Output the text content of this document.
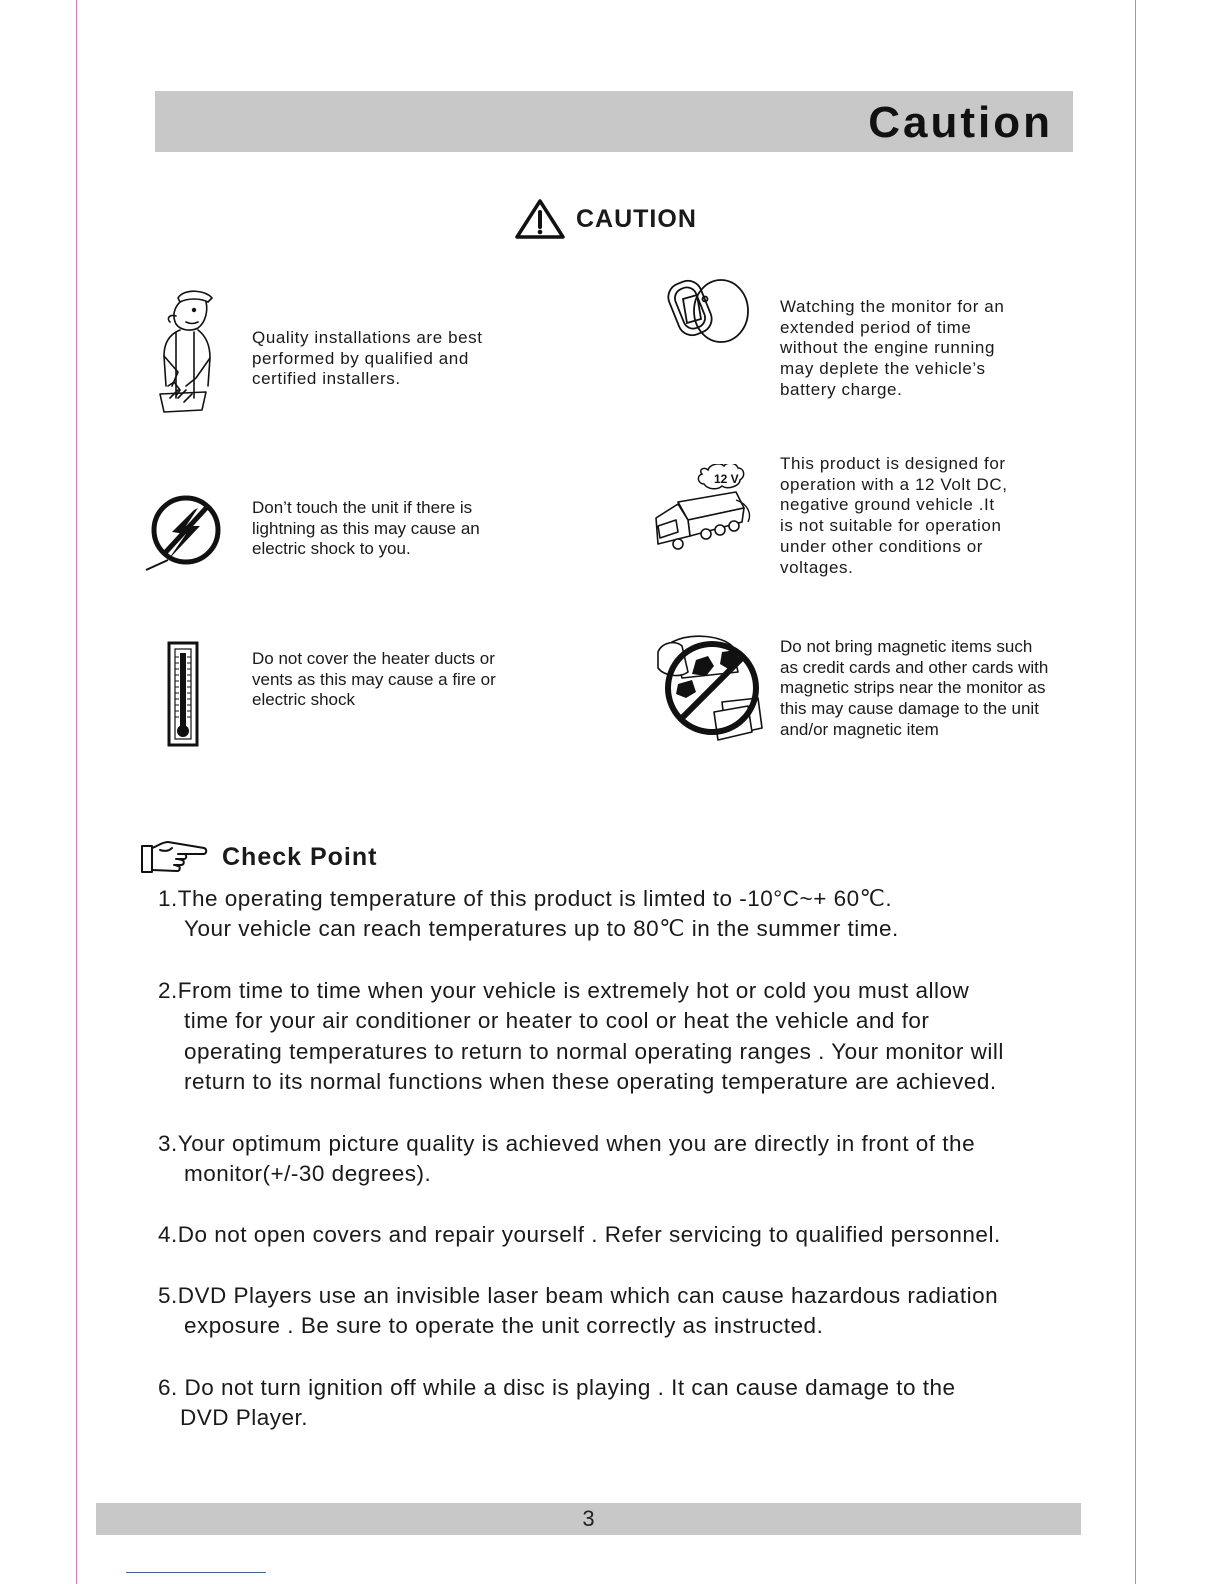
Caution
CAUTION
Quality installations are best
performed by qualified and
certified installers.
Watching the monitor for an
extended period of time
without the engine running
may deplete the vehicle’s
battery charge.
Don’t touch the unit if there is
lightning as this may cause an
electric shock to you.
12 V
This product is designed for
operation with a 12 Volt DC,
negative ground vehicle .It
is not suitable for operation
under other conditions or
voltages.
Do not cover the heater ducts or
vents as this may cause a fire or
electric shock
Do not bring magnetic items such
as credit cards and other cards with
magnetic strips near the monitor as
this may cause damage to the unit
and/or magnetic item
Check Point
1.The operating temperature of this product is limted to -10°C~+ 60℃.
Your vehicle can reach temperatures up to 80℃ in the summer time.
2.From time to time when your vehicle is extremely hot or cold you must allow
time for your air conditioner or heater to cool or heat the vehicle and for
operating temperatures to return to normal operating ranges . Your monitor will
return to its normal functions when these operating temperature are achieved.
3.Your optimum picture quality is achieved when you are directly in front of the
monitor(+/-30 degrees).
4.Do not open covers and repair yourself . Refer servicing to qualified personnel.
5.DVD Players use an invisible laser beam which can cause hazardous radiation
exposure . Be sure to operate the unit correctly as instructed.
6. Do not turn ignition off while a disc is playing . It can cause damage to the
DVD Player.
3
